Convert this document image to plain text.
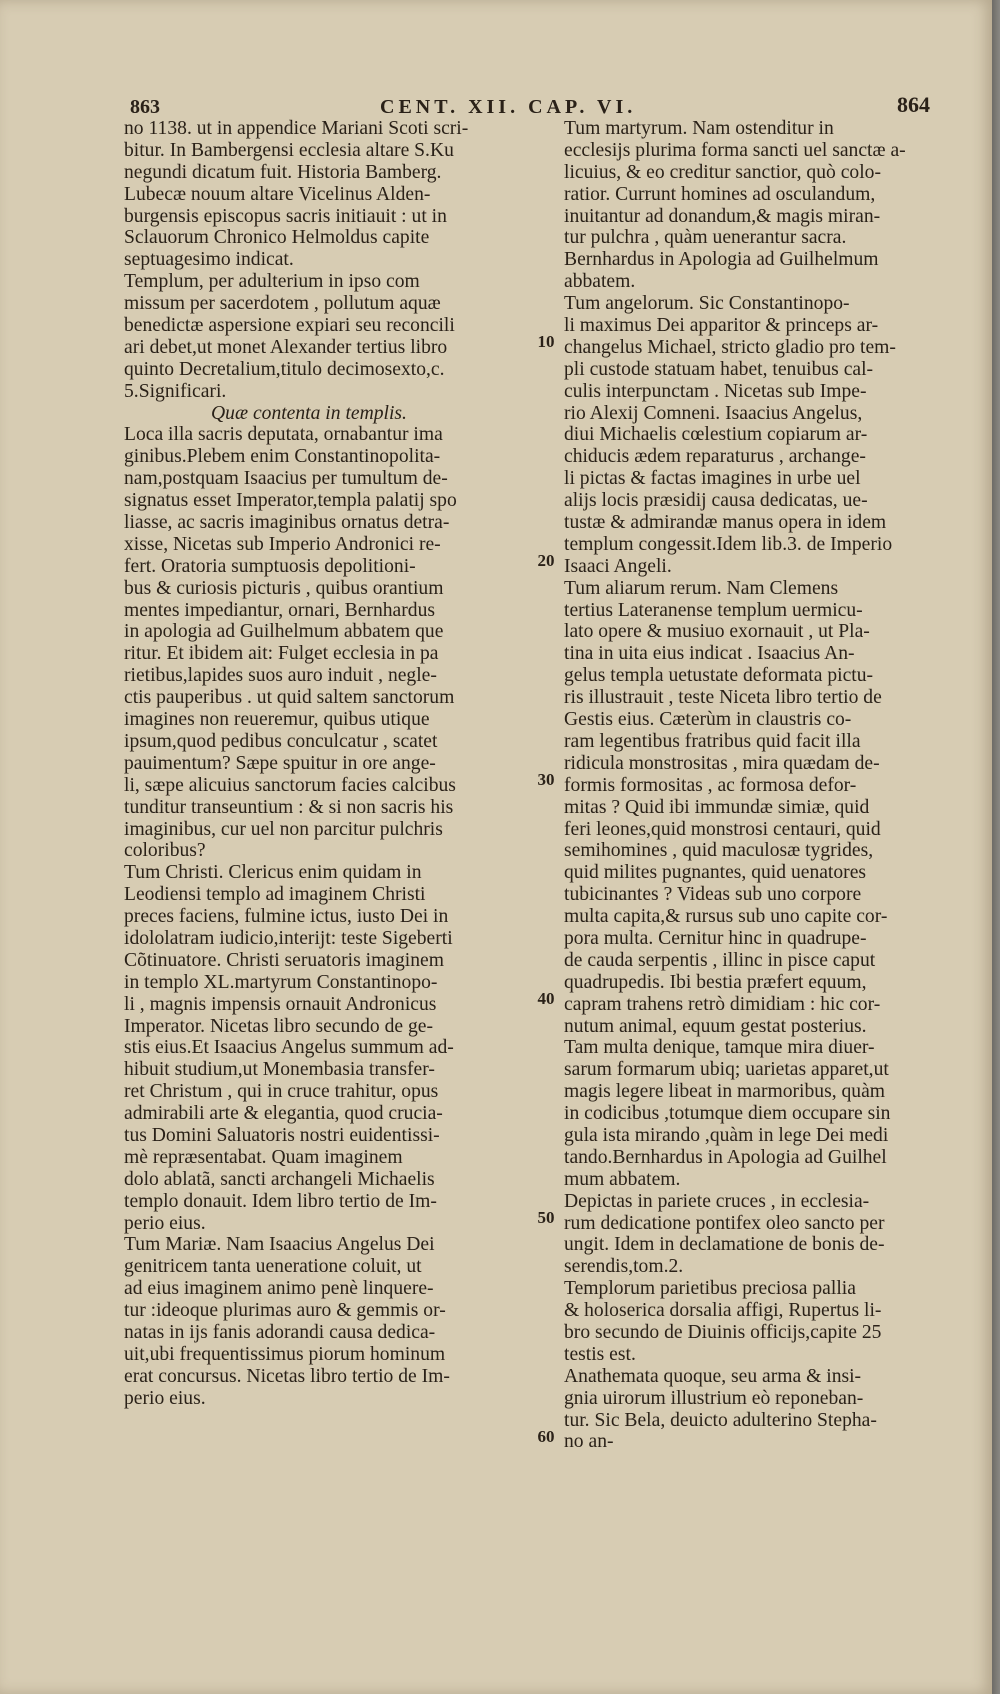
863	CENT. XII. CAP. VI.	864
no 1138. ut in appendice Mariani Scoti scri-
bitur. In Bambergensi ecclesia altare S.Ku
negundi dicatum fuit. Historia Bamberg.
Lubecæ nouum altare Vicelinus Alden-
burgensis episcopus sacris initiauit : ut in
Sclauorum Chronico Helmoldus capite
septuagesimo indicat.
Templum, per adulterium in ipso com
missum per sacerdotem , pollutum aquæ
benedictæ aspersione expiari seu reconcili
ari debet,ut monet Alexander tertius libro
quinto Decretalium,titulo decimosexto,c.
5.Significari.
Quæ contenta in templis.
Loca illa sacris deputata, ornabantur ima
ginibus.Plebem enim Constantinopolita-
nam,postquam Isaacius per tumultum de-
signatus esset Imperator,templa palatij spo
liasse, ac sacris imaginibus ornatus detra-
xisse, Nicetas sub Imperio Andronici re-
fert. Oratoria sumptuosis depolitioni-
bus & curiosis picturis , quibus orantium
mentes impediantur, ornari, Bernhardus
in apologia ad Guilhelmum abbatem que
ritur. Et ibidem ait: Fulget ecclesia in pa
rietibus,lapides suos auro induit , negle-
ctis pauperibus . ut quid saltem sanctorum
imagines non reueremur, quibus utique
ipsum,quod pedibus conculcatur , scatet
pauimentum? Sæpe spuitur in ore ange-
li, sæpe alicuius sanctorum facies calcibus
tunditur transeuntium : & si non sacris his
imaginibus, cur uel non parcitur pulchris
coloribus?
Tum Christi. Clericus enim quidam in
Leodiensi templo ad imaginem Christi
preces faciens, fulmine ictus, iusto Dei in
idololatram iudicio,interijt: teste Sigeberti
Cõtinuatore. Christi seruatoris imaginem
in templo XL.martyrum Constantinopo-
li , magnis impensis ornauit Andronicus
Imperator. Nicetas libro secundo de ge-
stis eius.Et Isaacius Angelus summum ad-
hibuit studium,ut Monembasia transfer-
ret Christum , qui in cruce trahitur, opus
admirabili arte & elegantia, quod crucia-
tus Domini Saluatoris nostri euidentissi-
mè repræsentabat. Quam imaginem
dolo ablatã, sancti archangeli Michaelis
templo donauit. Idem libro tertio de Im-
perio eius.
Tum Mariæ. Nam Isaacius Angelus Dei
genitricem tanta ueneratione coluit, ut
ad eius imaginem animo penè linquere-
tur :ideoque plurimas auro & gemmis or-
natas in ijs fanis adorandi causa dedica-
uit,ubi frequentissimus piorum hominum
erat concursus. Nicetas libro tertio de Im-
perio eius.
Tum martyrum. Nam ostenditur in
ecclesijs plurima forma sancti uel sanctæ a-
licuius, & eo creditur sanctior, quò colo-
ratior. Currunt homines ad osculandum,
inuitantur ad donandum,& magis miran-
tur pulchra , quàm uenerantur sacra.
Bernhardus in Apologia ad Guilhelmum
abbatem.
Tum angelorum. Sic Constantinopo-
li maximus Dei apparitor & princeps ar-
changelus Michael, stricto gladio pro tem-
pli custode statuam habet, tenuibus cal-
culis interpunctam . Nicetas sub Impe-
rio Alexij Comneni. Isaacius Angelus,
diui Michaelis cœlestium copiarum ar-
chiducis ædem reparaturus , archange-
li pictas & factas imagines in urbe uel
alijs locis præsidij causa dedicatas, ue-
tustæ & admirandæ manus opera in idem
templum congessit.Idem lib.3. de Imperio
Isaaci Angeli.
Tum aliarum rerum. Nam Clemens
tertius Lateranense templum uermicu-
lato opere & musiuo exornauit , ut Pla-
tina in uita eius indicat . Isaacius An-
gelus templa uetustate deformata pictu-
ris illustrauit , teste Niceta libro tertio de
Gestis eius. Cæterùm in claustris co-
ram legentibus fratribus quid facit illa
ridicula monstrositas , mira quædam de-
formis formositas , ac formosa defor-
mitas ? Quid ibi immundæ simiæ, quid
feri leones,quid monstrosi centauri, quid
semihomines , quid maculosæ tygrides,
quid milites pugnantes, quid uenatores
tubicinantes ? Videas sub uno corpore
multa capita,& rursus sub uno capite cor-
pora multa. Cernitur hinc in quadrupe-
de cauda serpentis , illinc in pisce caput
quadrupedis. Ibi bestia præfert equum,
capram trahens retrò dimidiam : hic cor-
nutum animal, equum gestat posterius.
Tam multa denique, tamque mira diuer-
sarum formarum ubiq; uarietas apparet,ut
magis legere libeat in marmoribus, quàm
in codicibus ,totumque diem occupare sin
gula ista mirando ,quàm in lege Dei medi
tando.Bernhardus in Apologia ad Guilhel
mum abbatem.
Depictas in pariete cruces , in ecclesia-
rum dedicatione pontifex oleo sancto per
ungit. Idem in declamatione de bonis de-
serendis,tom.2.
Templorum parietibus preciosa pallia
& holoserica dorsalia affigi, Rupertus li-
bro secundo de Diuinis officijs,capite 25
testis est.
Anathemata quoque, seu arma & insi-
gnia uirorum illustrium eò reponeban-
tur. Sic Bela, deuicto adulterino Stepha-
no an-
10
20
30
40
50
60
